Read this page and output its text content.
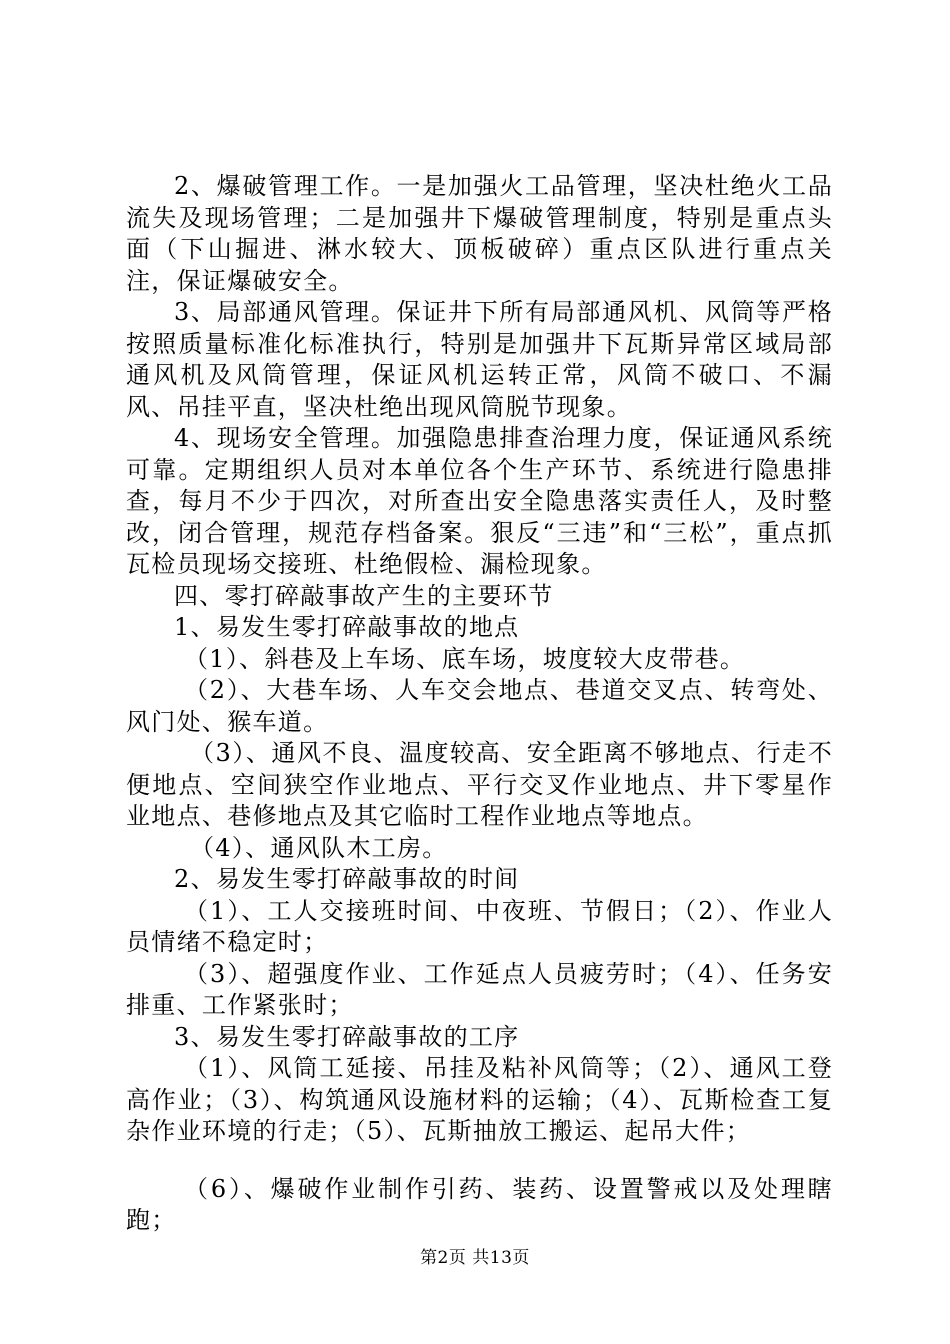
2、爆破管理工作。一是加强火工品管理，坚决杜绝火工品流失及现场管理；二是加强井下爆破管理制度，特别是重点头面（下山掘进、淋水较大、顶板破碎）重点区队进行重点关注，保证爆破安全。

3、局部通风管理。保证井下所有局部通风机、风筒等严格按照质量标准化标准执行，特别是加强井下瓦斯异常区域局部通风机及风筒管理，保证风机运转正常，风筒不破口、不漏风、吊挂平直，坚决杜绝出现风筒脱节现象。

4、现场安全管理。加强隐患排查治理力度，保证通风系统可靠。定期组织人员对本单位各个生产环节、系统进行隐患排查，每月不少于四次，对所查出安全隐患落实责任人，及时整改，闭合管理，规范存档备案。狠反“三违”和“三松”，重点抓瓦检员现场交接班、杜绝假检、漏检现象。

四、零打碎敲事故产生的主要环节

1、易发生零打碎敲事故的地点

（1）、斜巷及上车场、底车场，坡度较大皮带巷。

（2）、大巷车场、人车交会地点、巷道交叉点、转弯处、风门处、猴车道。

（3）、通风不良、温度较高、安全距离不够地点、行走不便地点、空间狭空作业地点、平行交叉作业地点、井下零星作业地点、巷修地点及其它临时工程作业地点等地点。

（4）、通风队木工房。

2、易发生零打碎敲事故的时间

（1）、工人交接班时间、中夜班、节假日；（2）、作业人员情绪不稳定时；

（3）、超强度作业、工作延点人员疲劳时；（4）、任务安排重、工作紧张时；

3、易发生零打碎敲事故的工序

（1）、风筒工延接、吊挂及粘补风筒等；（2）、通风工登高作业；（3）、构筑通风设施材料的运输；（4）、瓦斯检查工复杂作业环境的行走；（5）、瓦斯抽放工搬运、起吊大件；

（6）、爆破作业制作引药、装药、设置警戒以及处理瞎跑；

第2页 共13页
